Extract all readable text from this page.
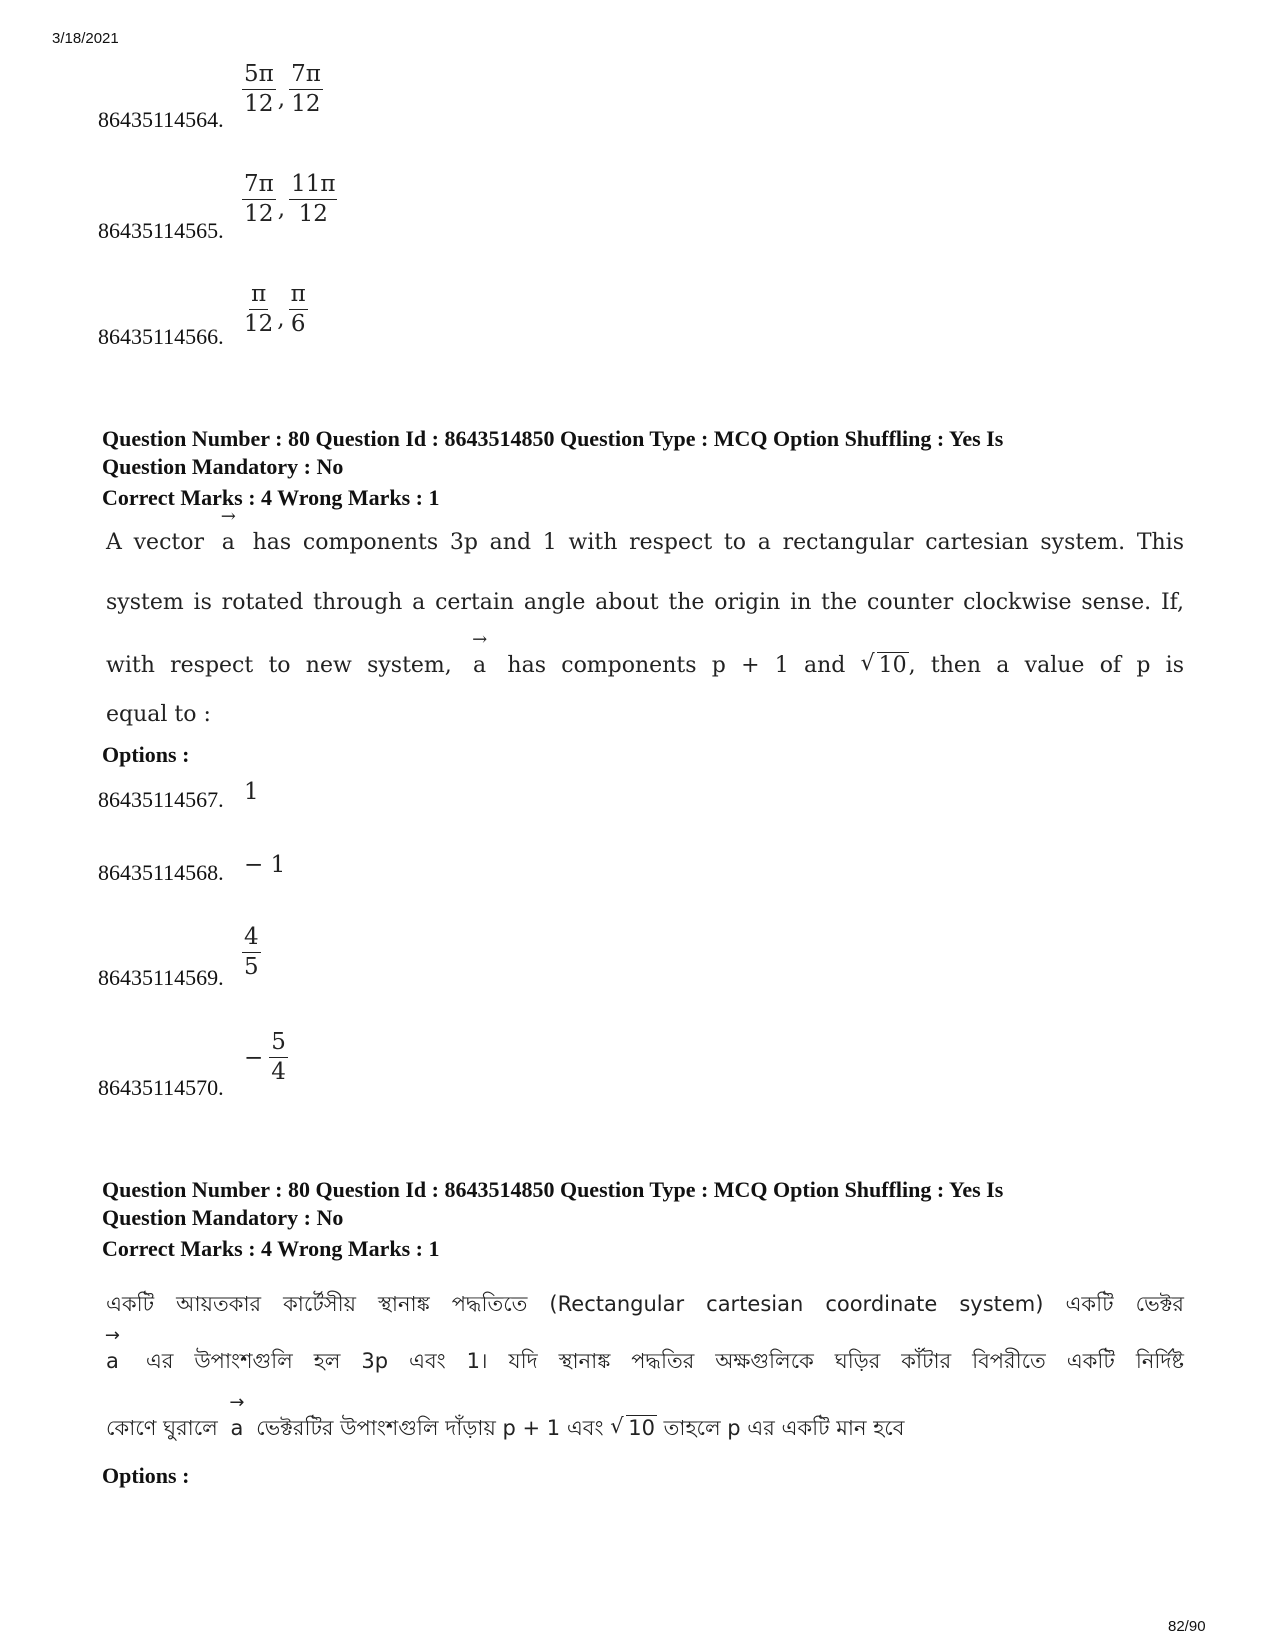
3/18/2021
82/90
86435114564.
$\frac{5\pi}{12}$ , $\frac{7\pi}{12}$
86435114565.
$\frac{7\pi}{12}$ , $\frac{11\pi}{12}$
86435114566. $\frac{\pi}{12}$ , $\frac{\pi}{6}$
Question Number : 80 Question Id : 8643514850 Question Type : MCQ Option Shuffling : Yes Is
Question Mandatory : No
Correct Marks : 4 Wrong Marks : 1
A vector → a has components 3p and 1 with respect to a rectangular cartesian system. This
system is rotated through a certain angle about the origin in the counter clockwise sense. If,
with respect to new system, → a has components p + 1 and √ 10, then a value of p is
equal to :
Options :
86435114567. 1
86435114568. − 1
86435114569. $\frac{4}{5}$
86435114570.
− $\frac{5}{4}$
Question Number : 80 Question Id : 8643514850 Question Type : MCQ Option Shuffling : Yes Is
Question Mandatory : No
Correct Marks : 4 Wrong Marks : 1
একটি আয়তকার কার্টেসীয় স্থানাঙ্ক পদ্ধতিতে (Rectangular cartesian coordinate system) একটি ভেক্টর
→ a এর উপাংশগুলি হল 3p এবং 1। যদি স্থানাঙ্ক পদ্ধতির অক্ষগুলিকে ঘড়ির কাঁটার বিপরীতে একটি নির্দিষ্ট
কোণে ঘুরালে → a ভেক্টরটির উপাংশগুলি দাঁড়ায় p + 1 এবং √ 10 তাহলে p এর একটি মান হবে
Options :
